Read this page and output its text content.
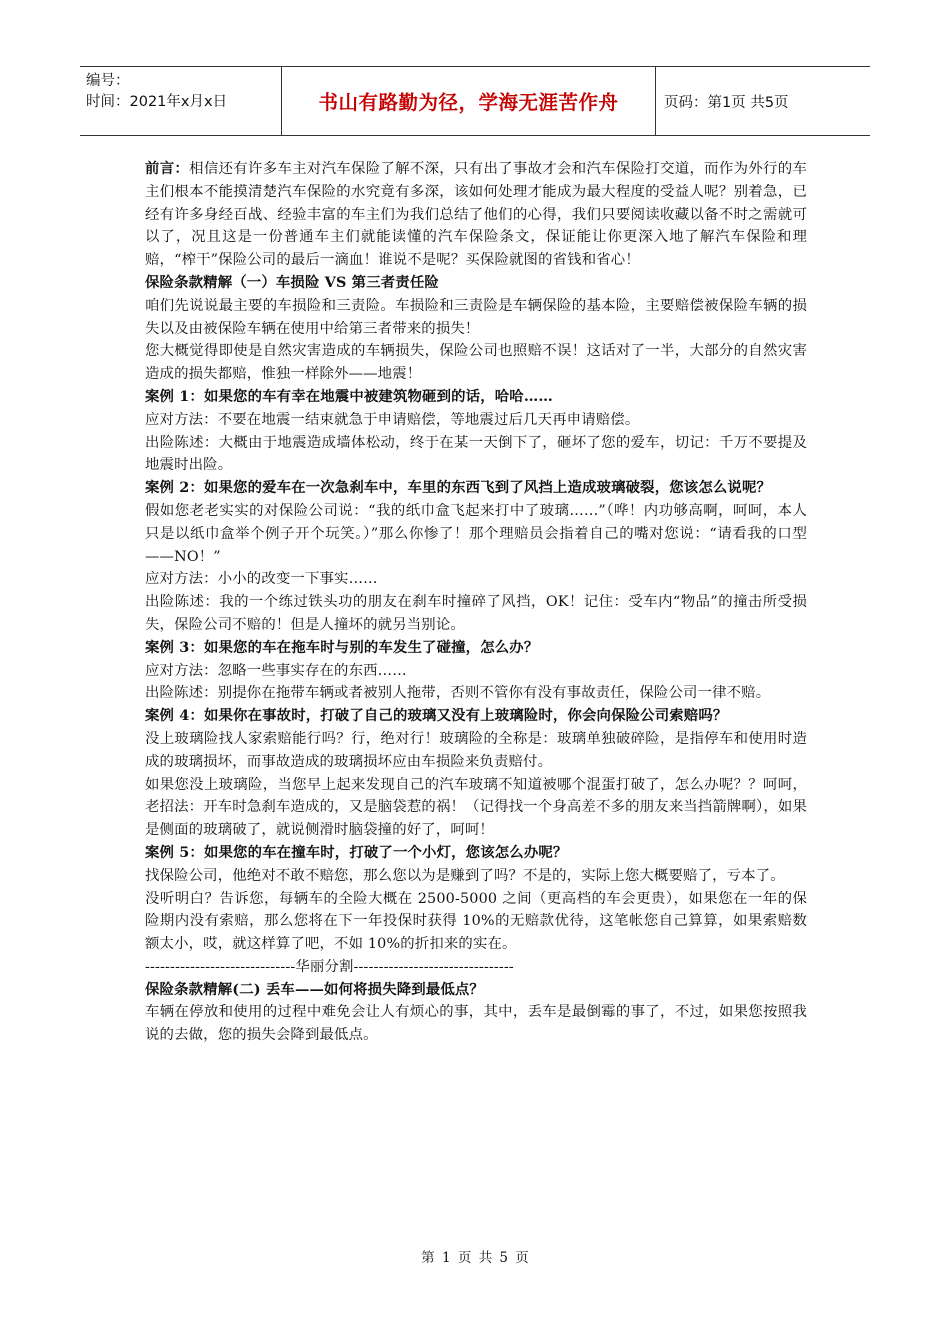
编号：
时间：2021年x月x日	书山有路勤为径，学海无涯苦作舟	页码：第1页 共5页

前言：相信还有许多车主对汽车保险了解不深，只有出了事故才会和汽车保险打交道，而作为外行的车主们根本不能摸清楚汽车保险的水究竟有多深，该如何处理才能成为最大程度的受益人呢？别着急，已经有许多身经百战、经验丰富的车主们为我们总结了他们的心得，我们只要阅读收藏以备不时之需就可以了，况且这是一份普通车主们就能读懂的汽车保险条文，保证能让你更深入地了解汽车保险和理赔，“榨干”保险公司的最后一滴血！谁说不是呢？买保险就图的省钱和省心！

保险条款精解（一）车损险 VS 第三者责任险

咱们先说说最主要的车损险和三责险。车损险和三责险是车辆保险的基本险，主要赔偿被保险车辆的损失以及由被保险车辆在使用中给第三者带来的损失！

您大概觉得即使是自然灾害造成的车辆损失，保险公司也照赔不误！这话对了一半，大部分的自然灾害造成的损失都赔，惟独一样除外——地震！

案例 1：如果您的车有幸在地震中被建筑物砸到的话，哈哈……

应对方法：不要在地震一结束就急于申请赔偿，等地震过后几天再申请赔偿。

出险陈述：大概由于地震造成墙体松动，终于在某一天倒下了，砸坏了您的爱车，切记：千万不要提及地震时出险。

案例 2：如果您的爱车在一次急刹车中，车里的东西飞到了风挡上造成玻璃破裂，您该怎么说呢？

假如您老老实实的对保险公司说：“我的纸巾盒飞起来打中了玻璃……”（哗！内功够高啊，呵呵，本人只是以纸巾盒举个例子开个玩笑。）”那么你惨了！那个理赔员会指着自己的嘴对您说：“请看我的口型——NO！”

应对方法：小小的改变一下事实……

出险陈述：我的一个练过铁头功的朋友在刹车时撞碎了风挡，OK！记住：受车内“物品”的撞击所受损失，保险公司不赔的！但是人撞坏的就另当别论。

案例 3：如果您的车在拖车时与别的车发生了碰撞，怎么办？

应对方法：忽略一些事实存在的东西……

出险陈述：别提你在拖带车辆或者被别人拖带，否则不管你有没有事故责任，保险公司一律不赔。

案例 4：如果你在事故时，打破了自己的玻璃又没有上玻璃险时，你会向保险公司索赔吗？

没上玻璃险找人家索赔能行吗？行，绝对行！玻璃险的全称是：玻璃单独破碎险，是指停车和使用时造成的玻璃损坏，而事故造成的玻璃损坏应由车损险来负责赔付。

如果您没上玻璃险，当您早上起来发现自己的汽车玻璃不知道被哪个混蛋打破了，怎么办呢？？呵呵，老招法：开车时急刹车造成的，又是脑袋惹的祸！（记得找一个身高差不多的朋友来当挡箭牌啊），如果是侧面的玻璃破了，就说侧滑时脑袋撞的好了，呵呵！

案例 5：如果您的车在撞车时，打破了一个小灯，您该怎么办呢？

找保险公司，他绝对不敢不赔您，那么您以为是赚到了吗？不是的，实际上您大概要赔了，亏本了。

没听明白？告诉您，每辆车的全险大概在 2500-5000 之间（更高档的车会更贵），如果您在一年的保险期内没有索赔，那么您将在下一年投保时获得 10%的无赔款优待，这笔帐您自己算算，如果索赔数额太小，哎，就这样算了吧，不如 10%的折扣来的实在。

------------------------------华丽分割--------------------------------

保险条款精解(二) 丢车——如何将损失降到最低点？

车辆在停放和使用的过程中难免会让人有烦心的事，其中，丢车是最倒霉的事了，不过，如果您按照我说的去做，您的损失会降到最低点。

第 1 页 共 5 页
